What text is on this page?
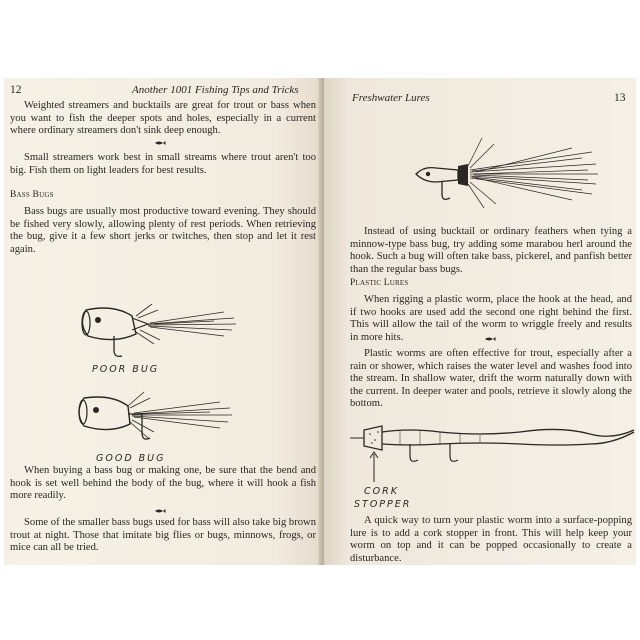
12	Another 1001 Fishing Tips and Tricks

Weighted streamers and bucktails are great for trout or bass when you want to fish the deeper spots and holes, especially in a current where ordinary streamers don't sink deep enough.

Small streamers work best in small streams where trout aren't too big. Fish them on light leaders for best results.

Bass Bugs

Bass bugs are usually most productive toward evening. They should be fished very slowly, allowing plenty of rest periods. When retrieving the bug, give it a few short jerks or twitches, then stop and let it rest again.

POOR BUG
GOOD BUG

When buying a bass bug or making one, be sure that the bend and hook is set well behind the body of the bug, where it will hook a fish more readily.

Some of the smaller bass bugs used for bass will also take big brown trout at night. Those that imitate big flies or bugs, minnows, frogs, or mice can all be tried.

Freshwater Lures	13

Instead of using bucktail or ordinary feathers when tying a minnow-type bass bug, try adding some marabou herl around the hook. Such a bug will often take bass, pickerel, and panfish better than the regular bass bugs.

Plastic Lures

When rigging a plastic worm, place the hook at the head, and if two hooks are used add the second one right behind the first. This will allow the tail of the worm to wriggle freely and results in more hits.

Plastic worms are often effective for trout, especially after a rain or shower, which raises the water level and washes food into the stream. In shallow water, drift the worm naturally down with the current. In deeper water and pools, retrieve it slowly along the bottom.

CORK
STOPPER

A quick way to turn your plastic worm into a surface-popping lure is to add a cork stopper in front. This will help keep your worm on top and it can be popped occasionally to create a disturbance.
